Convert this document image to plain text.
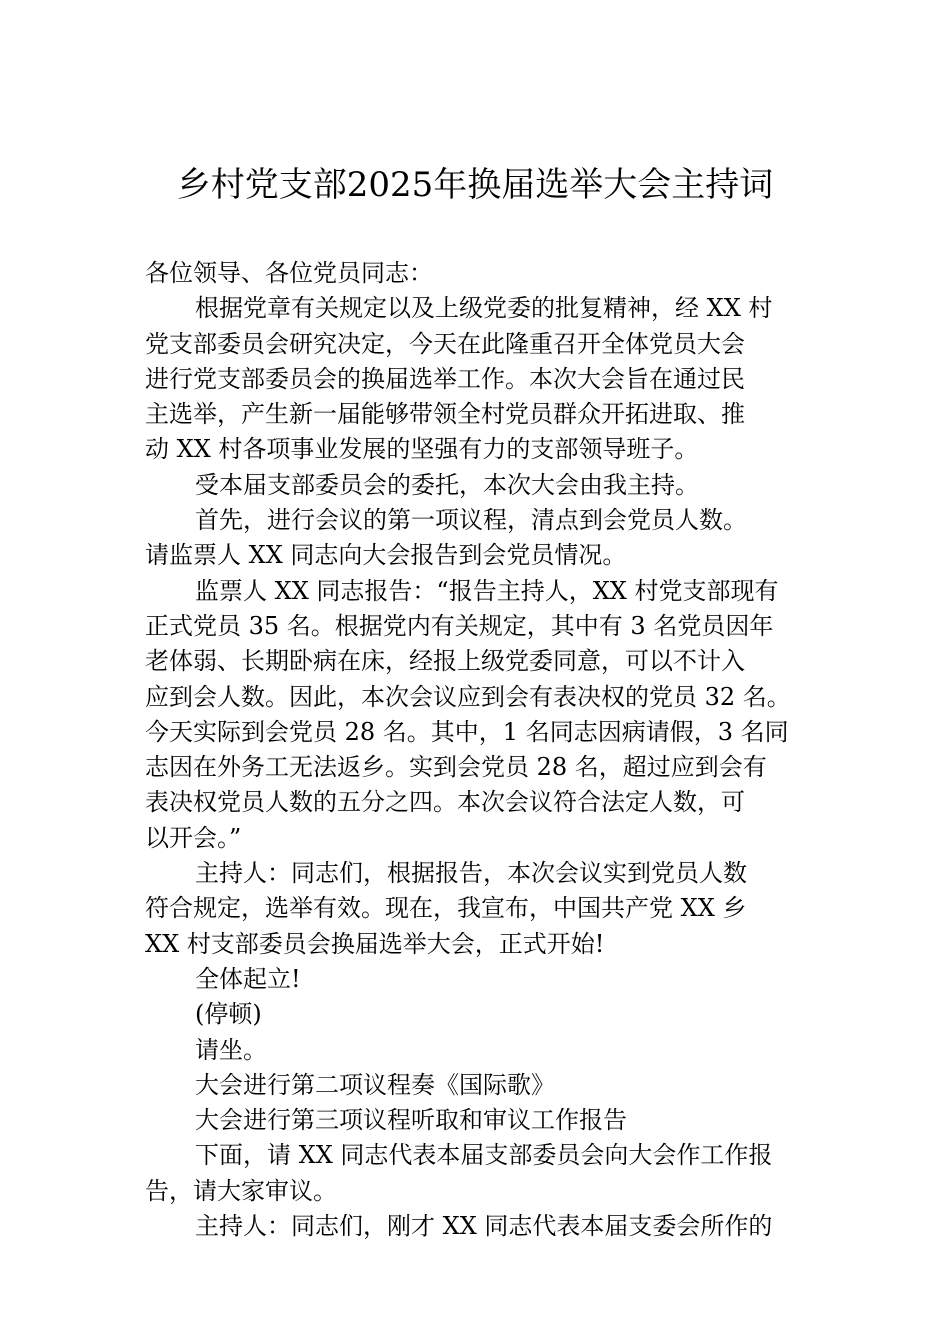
乡村党支部2025年换届选举大会主持词
各位领导、各位党员同志：
根据党章有关规定以及上级党委的批复精神，经 XX 村
党支部委员会研究决定，今天在此隆重召开全体党员大会
进行党支部委员会的换届选举工作。本次大会旨在通过民
主选举，产生新一届能够带领全村党员群众开拓进取、推
动 XX 村各项事业发展的坚强有力的支部领导班子。
受本届支部委员会的委托，本次大会由我主持。
首先，进行会议的第一项议程，清点到会党员人数。
请监票人 XX 同志向大会报告到会党员情况。
监票人 XX 同志报告：“报告主持人，XX 村党支部现有
正式党员 35 名。根据党内有关规定，其中有 3 名党员因年
老体弱、长期卧病在床，经报上级党委同意，可以不计入
应到会人数。因此，本次会议应到会有表决权的党员 32 名。
今天实际到会党员 28 名。其中，1 名同志因病请假，3 名同
志因在外务工无法返乡。实到会党员 28 名，超过应到会有
表决权党员人数的五分之四。本次会议符合法定人数，可
以开会。”
主持人：同志们，根据报告，本次会议实到党员人数
符合规定，选举有效。现在，我宣布，中国共产党 XX 乡
XX 村支部委员会换届选举大会，正式开始!
全体起立!
(停顿)
请坐。
大会进行第二项议程奏《国际歌》
大会进行第三项议程听取和审议工作报告
下面，请 XX 同志代表本届支部委员会向大会作工作报
告，请大家审议。
主持人：同志们，刚才 XX 同志代表本届支委会所作的
